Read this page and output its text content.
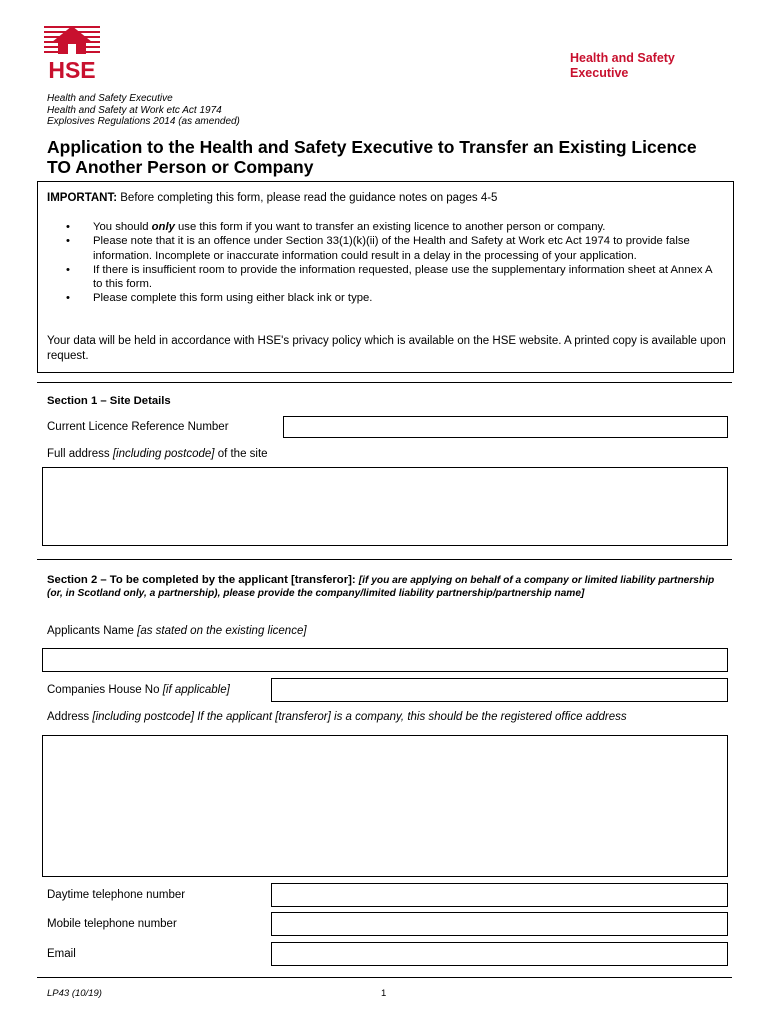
HSE	Health and Safety
Executive
Health and Safety Executive
Health and Safety at Work etc Act 1974
Explosives Regulations 2014 (as amended)
Application to the Health and Safety Executive to Transfer an Existing Licence
TO Another Person or Company
IMPORTANT: Before completing this form, please read the guidance notes on pages 4-5
• You should only use this form if you want to transfer an existing licence to another person or company.
• Please note that it is an offence under Section 33(1)(k)(ii) of the Health and Safety at Work etc Act 1974 to provide false information. Incomplete or inaccurate information could result in a delay in the processing of your application.
• If there is insufficient room to provide the information requested, please use the supplementary information sheet at Annex A to this form.
• Please complete this form using either black ink or type.
Your data will be held in accordance with HSE's privacy policy which is available on the HSE website. A printed copy is available upon request.
Section 1 – Site Details
Current Licence Reference Number
Full address [including postcode] of the site
Section 2 – To be completed by the applicant [transferor]: [if you are applying on behalf of a company or limited liability partnership (or, in Scotland only, a partnership), please provide the company/limited liability partnership/partnership name]
Applicants Name [as stated on the existing licence]
Companies House No [if applicable]
Address [including postcode] If the applicant [transferor] is a company, this should be the registered office address
Daytime telephone number
Mobile telephone number
Email
LP43 (10/19)	1
